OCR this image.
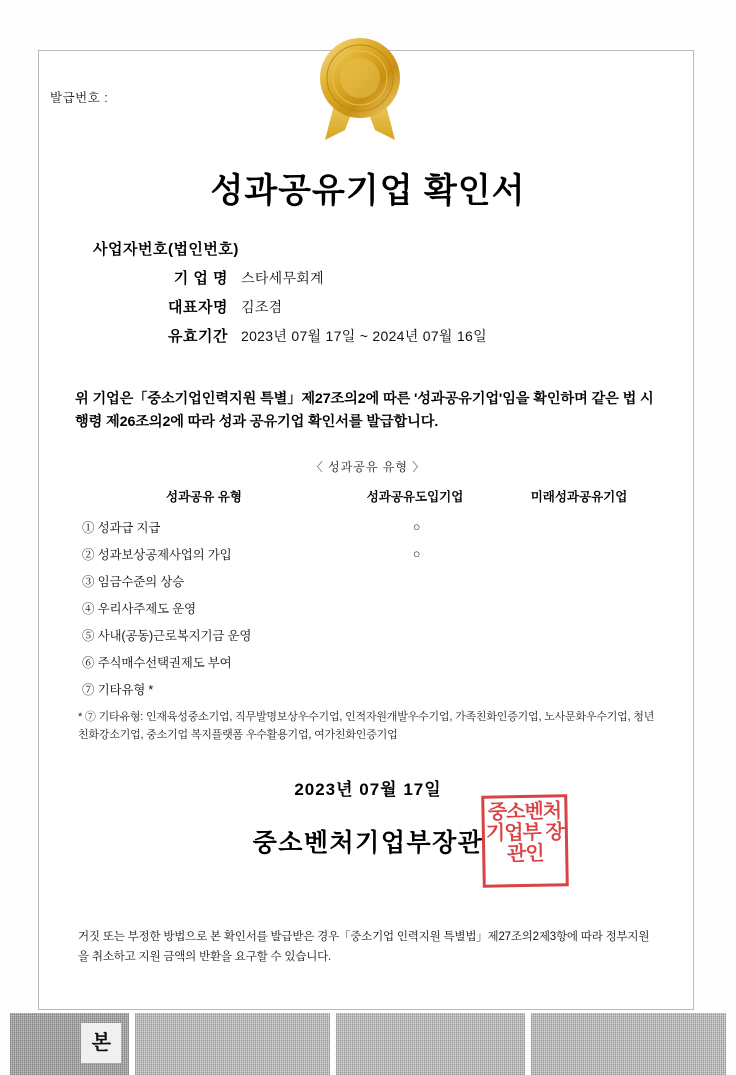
발급번호 :
성과공유기업 확인서
사업자번호(법인번호)
기 업 명 스타세무회계
대표자명 김조겸
유효기간 2023년 07월 17일 ~ 2024년 07월 16일
위 기업은「중소기업인력지원 특별」제27조의2에 따른 '성과공유기업'임을 확인하며 같은 법 시행령 제26조의2에 따라 성과 공유기업 확인서를 발급합니다.
〈 성과공유 유형 〉
성과공유 유형	성과공유도입기업	미래성과공유기업
① 성과급 지급	○
② 성과보상공제사업의 가입	○
③ 임금수준의 상승
④ 우리사주제도 운영
⑤ 사내(공동)근로복지기금 운영
⑥ 주식매수선택권제도 부여
⑦ 기타유형 *
* ⑦ 기타유형: 인재육성중소기업, 직무발명보상우수기업, 인적자원개발우수기업, 가족친화인증기업, 노사문화우수기업, 청년친화강소기업, 중소기업 복지플랫폼 우수활용기업, 여가친화인증기업
2023년 07월 17일
중소벤처기업부장관
중소벤처 기업부 장관인
거짓 또는 부정한 방법으로 본 확인서를 발급받은 경우「중소기업 인력지원 특별법」제27조의2제3항에 따라 정부지원을 취소하고 지원 금액의 반환을 요구할 수 있습니다.
본
